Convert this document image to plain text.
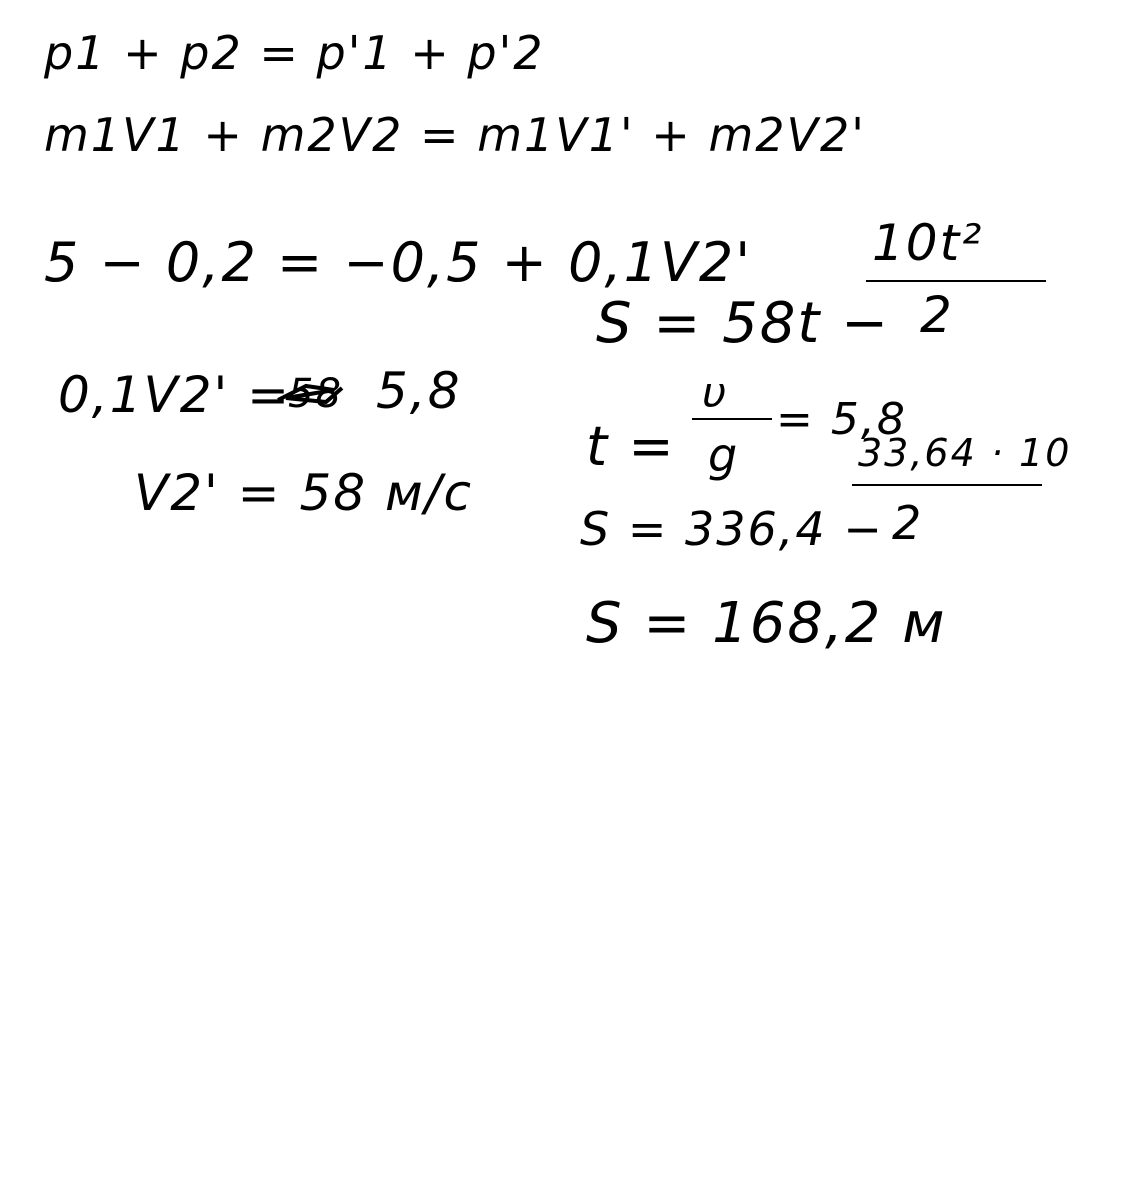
p1 + p2 = p'1 + p'2
m1V1 + m2V2 = m1V1' + m2V2'
5 − 0,2 = −0,5 + 0,1V2'
0,1V2' =
58 5,8
V2' = 58 м/с
S = 58t −
10t²
2
t =
υ
g
= 5,8
S = 336,4 −
33,64 · 10
2
S = 168,2 м
